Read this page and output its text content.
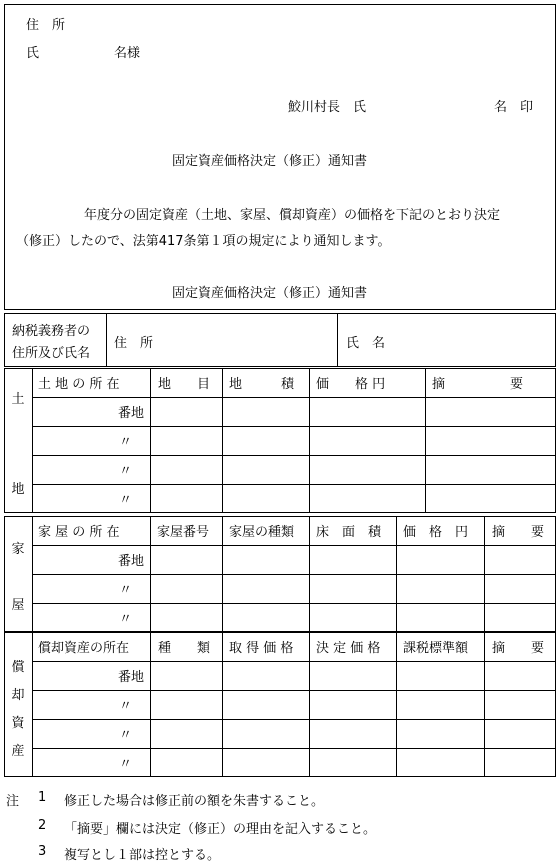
住　所
氏	名様
鮫川村長　氏	名　印
固定資産価格決定（修正）通知書
年度分の固定資産（土地、家屋、償却資産）の価格を下記のとおり決定
（修正）したので、法第417条第１項の規定により通知します。
固定資産価格決定（修正）通知書
納税義務者の
住所及び氏名
住　所	氏　名
土
地
土 地 の 所 在	地　　目 地　　　積 価　　格 円	摘　　　　　要
番地
〃
〃
〃
家
屋
家 屋 の 所 在	家屋番号 家屋の種類 床　面　積 価　格　円 摘　　要
番地
〃
〃
償
却
資
産
償却資産の所在 種　　類 取 得 価 格 決 定 価 格 課税標準額 摘　　要
番地
〃
〃
〃
注 1 修正した場合は修正前の額を朱書すること。
2 「摘要」欄には決定（修正）の理由を記入すること。
3 複写とし１部は控とする。
